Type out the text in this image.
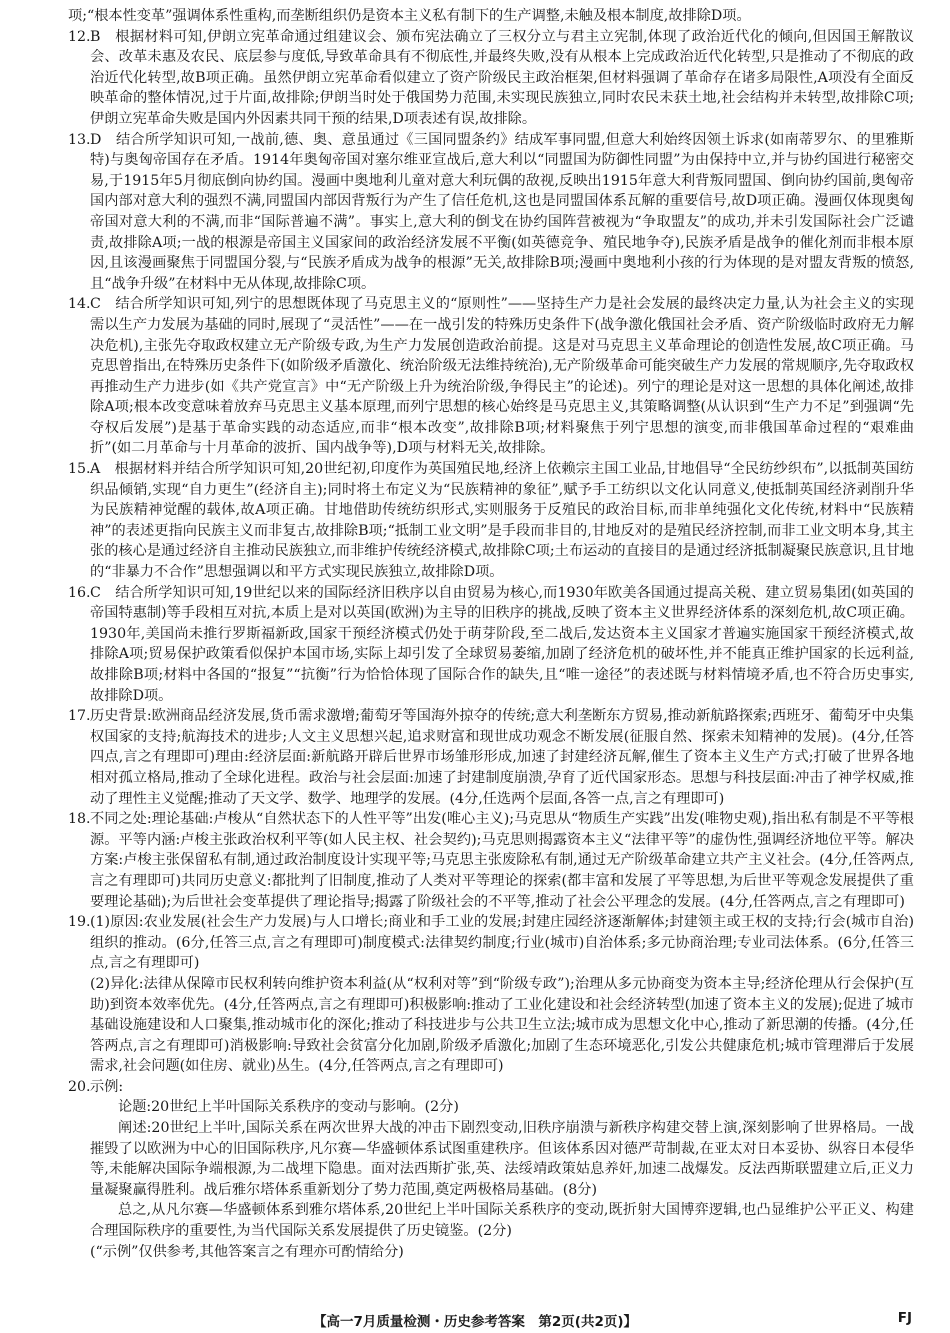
项;“根本性变革”强调体系性重构,而垄断组织仍是资本主义私有制下的生产调整,未触及根本制度,故排除D项。

12. B　根据材料可知,伊朗立宪革命通过组建议会、颁布宪法确立了三权分立与君主立宪制,体现了政治近代化的倾向,但因国王解散议会、改革未惠及农民、底层参与度低,导致革命具有不彻底性,并最终失败,没有从根本上完成政治近代化转型,只是推动了不彻底的政治近代化转型,故B项正确。虽然伊朗立宪革命看似建立了资产阶级民主政治框架,但材料强调了革命存在诸多局限性,A项没有全面反映革命的整体情况,过于片面,故排除;伊朗当时处于俄国势力范围,未实现民族独立,同时农民未获土地,社会结构并未转型,故排除C项;伊朗立宪革命失败是国内外因素共同干预的结果,D项表述有误,故排除。

13. D　结合所学知识可知,一战前,德、奥、意虽通过《三国同盟条约》结成军事同盟,但意大利始终因领土诉求(如南蒂罗尔、的里雅斯特)与奥匈帝国存在矛盾。1914年奥匈帝国对塞尔维亚宣战后,意大利以“同盟国为防御性同盟”为由保持中立,并与协约国进行秘密交易,于1915年5月彻底倒向协约国。漫画中奥地利儿童对意大利玩偶的敌视,反映出1915年意大利背叛同盟国、倒向协约国前,奥匈帝国内部对意大利的强烈不满,同盟国内部因背叛行为产生了信任危机,这也是同盟国体系瓦解的重要信号,故D项正确。漫画仅体现奥匈帝国对意大利的不满,而非“国际普遍不满”。事实上,意大利的倒戈在协约国阵营被视为“争取盟友”的成功,并未引发国际社会广泛谴责,故排除A项;一战的根源是帝国主义国家间的政治经济发展不平衡(如英德竞争、殖民地争夺),民族矛盾是战争的催化剂而非根本原因,且该漫画聚焦于同盟国分裂,与“民族矛盾成为战争的根源”无关,故排除B项;漫画中奥地利小孩的行为体现的是对盟友背叛的愤怒,且“战争升级”在材料中无从体现,故排除C项。

14. C　结合所学知识可知,列宁的思想既体现了马克思主义的“原则性”——坚持生产力是社会发展的最终决定力量,认为社会主义的实现需以生产力发展为基础的同时,展现了“灵活性”——在一战引发的特殊历史条件下(战争激化俄国社会矛盾、资产阶级临时政府无力解决危机),主张先夺取政权建立无产阶级专政,为生产力发展创造政治前提。这是对马克思主义革命理论的创造性发展,故C项正确。马克思曾指出,在特殊历史条件下(如阶级矛盾激化、统治阶级无法维持统治),无产阶级革命可能突破生产力发展的常规顺序,先夺取政权再推动生产力进步(如《共产党宣言》中“无产阶级上升为统治阶级,争得民主”的论述)。列宁的理论是对这一思想的具体化阐述,故排除A项;根本改变意味着放弃马克思主义基本原理,而列宁思想的核心始终是马克思主义,其策略调整(从认识到“生产力不足”到强调“先夺权后发展”)是基于革命实践的动态适应,而非“根本改变”,故排除B项;材料聚焦于列宁思想的演变,而非俄国革命过程的“艰难曲折”(如二月革命与十月革命的波折、国内战争等),D项与材料无关,故排除。

15. A　根据材料并结合所学知识可知,20世纪初,印度作为英国殖民地,经济上依赖宗主国工业品,甘地倡导“全民纺纱织布”,以抵制英国纺织品倾销,实现“自力更生”(经济自主);同时将土布定义为“民族精神的象征”,赋予手工纺织以文化认同意义,使抵制英国经济剥削升华为民族精神觉醒的载体,故A项正确。甘地借助传统纺织形式,实则服务于反殖民的政治目标,而非单纯强化文化传统,材料中“民族精神”的表述更指向民族主义而非复古,故排除B项;“抵制工业文明”是手段而非目的,甘地反对的是殖民经济控制,而非工业文明本身,其主张的核心是通过经济自主推动民族独立,而非维护传统经济模式,故排除C项;土布运动的直接目的是通过经济抵制凝聚民族意识,且甘地的“非暴力不合作”思想强调以和平方式实现民族独立,故排除D项。

16. C　结合所学知识可知,19世纪以来的国际经济旧秩序以自由贸易为核心,而1930年欧美各国通过提高关税、建立贸易集团(如英国的帝国特惠制)等手段相互对抗,本质上是对以英国(欧洲)为主导的旧秩序的挑战,反映了资本主义世界经济体系的深刻危机,故C项正确。1930年,美国尚未推行罗斯福新政,国家干预经济模式仍处于萌芽阶段,至二战后,发达资本主义国家才普遍实施国家干预经济模式,故排除A项;贸易保护政策看似保护本国市场,实际上却引发了全球贸易萎缩,加剧了经济危机的破坏性,并不能真正维护国家的长远利益,故排除B项;材料中各国的“报复”“抗衡”行为恰恰体现了国际合作的缺失,且“唯一途径”的表述既与材料情境矛盾,也不符合历史事实,故排除D项。

17. 历史背景:欧洲商品经济发展,货币需求激增;葡萄牙等国海外掠夺的传统;意大利垄断东方贸易,推动新航路探索;西班牙、葡萄牙中央集权国家的支持;航海技术的进步;人文主义思想兴起,追求财富和现世成功观念不断发展(征服自然、探索未知精神的发展)。(4分,任答四点,言之有理即可)理由:经济层面:新航路开辟后世界市场雏形形成,加速了封建经济瓦解,催生了资本主义生产方式;打破了世界各地相对孤立格局,推动了全球化进程。政治与社会层面:加速了封建制度崩溃,孕育了近代国家形态。思想与科技层面:冲击了神学权威,推动了理性主义觉醒;推动了天文学、数学、地理学的发展。(4分,任选两个层面,各答一点,言之有理即可)

18. 不同之处:理论基础:卢梭从“自然状态下的人性平等”出发(唯心主义);马克思从“物质生产实践”出发(唯物史观),指出私有制是不平等根源。平等内涵:卢梭主张政治权利平等(如人民主权、社会契约);马克思则揭露资本主义“法律平等”的虚伪性,强调经济地位平等。解决方案:卢梭主张保留私有制,通过政治制度设计实现平等;马克思主张废除私有制,通过无产阶级革命建立共产主义社会。(4分,任答两点,言之有理即可)共同历史意义:都批判了旧制度,推动了人类对平等理论的探索(都丰富和发展了平等思想,为后世平等观念发展提供了重要理论基础);为后世社会变革提供了理论指导;揭露了阶级社会的不平等,推动了社会公平理念的发展。(4分,任答两点,言之有理即可)

19. (1)原因:农业发展(社会生产力发展)与人口增长;商业和手工业的发展;封建庄园经济逐渐解体;封建领主或王权的支持;行会(城市自治)组织的推动。(6分,任答三点,言之有理即可)制度模式:法律契约制度;行业(城市)自治体系;多元协商治理;专业司法体系。(6分,任答三点,言之有理即可)

(2)异化:法律从保障市民权利转向维护资本利益(从“权利对等”到“阶级专政”);治理从多元协商变为资本主导;经济伦理从行会保护(互助)到资本效率优先。(4分,任答两点,言之有理即可)积极影响:推动了工业化建设和社会经济转型(加速了资本主义的发展);促进了城市基础设施建设和人口聚集,推动城市化的深化;推动了科技进步与公共卫生立法;城市成为思想文化中心,推动了新思潮的传播。(4分,任答两点,言之有理即可)消极影响:导致社会贫富分化加剧,阶级矛盾激化;加剧了生态环境恶化,引发公共健康危机;城市管理滞后于发展需求,社会问题(如住房、就业)丛生。(4分,任答两点,言之有理即可)

20. 示例:

论题:20世纪上半叶国际关系秩序的变动与影响。(2分)

阐述:20世纪上半叶,国际关系在两次世界大战的冲击下剧烈变动,旧秩序崩溃与新秩序构建交替上演,深刻影响了世界格局。一战摧毁了以欧洲为中心的旧国际秩序,凡尔赛—华盛顿体系试图重建秩序。但该体系因对德严苛制裁,在亚太对日本妥协、纵容日本侵华等,未能解决国际争端根源,为二战埋下隐患。面对法西斯扩张,英、法绥靖政策姑息养奸,加速二战爆发。反法西斯联盟建立后,正义力量凝聚赢得胜利。战后雅尔塔体系重新划分了势力范围,奠定两极格局基础。(8分)

总之,从凡尔赛—华盛顿体系到雅尔塔体系,20世纪上半叶国际关系秩序的变动,既折射大国博弈逻辑,也凸显维护公平正义、构建合理国际秩序的重要性,为当代国际关系发展提供了历史镜鉴。(2分)

(“示例”仅供参考,其他答案言之有理亦可酌情给分)

【高一7月质量检测・历史参考答案　第2页(共2页)】	FJ
